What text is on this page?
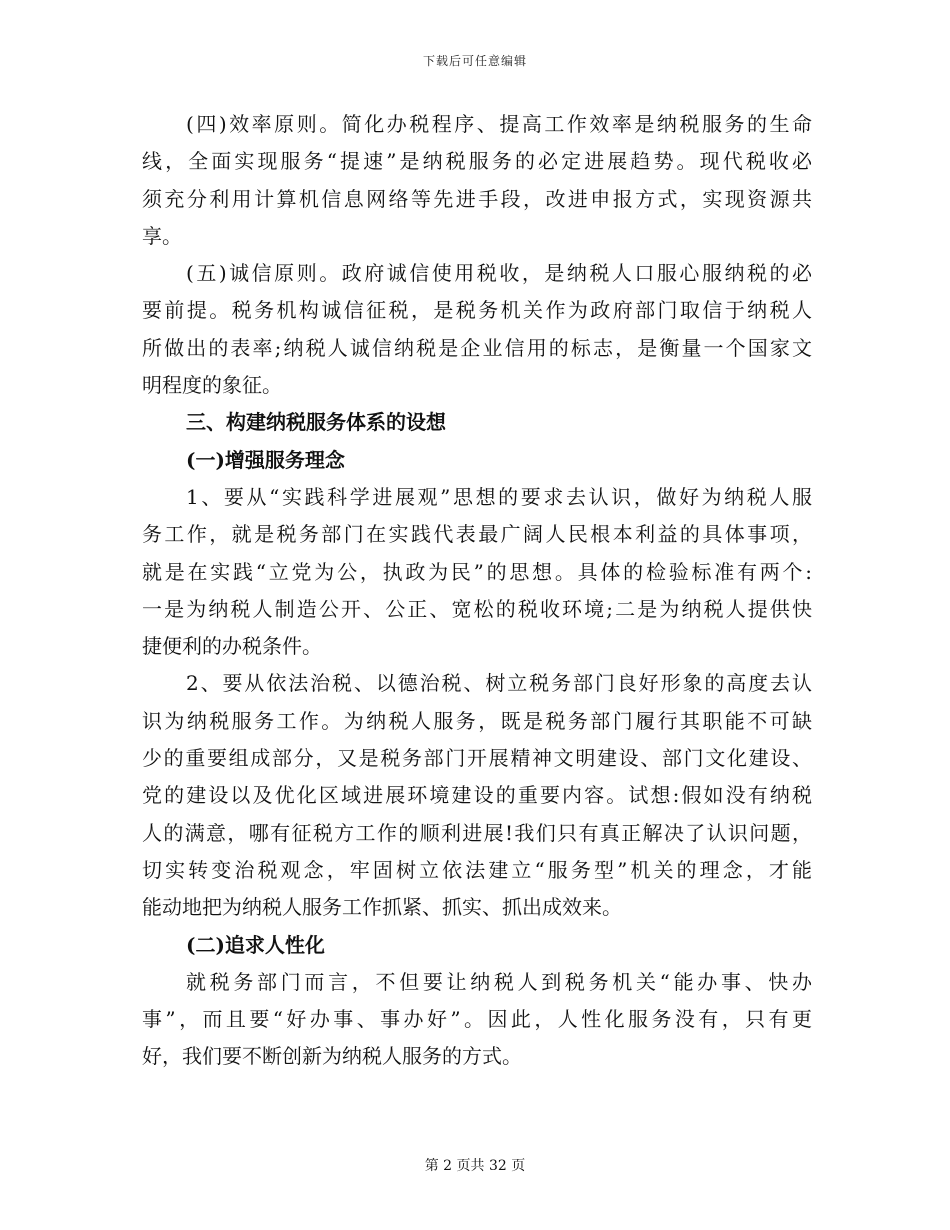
下载后可任意编辑
(四)效率原则。简化办税程序、提高工作效率是纳税服务的生命
线，全面实现服务“提速”是纳税服务的必定进展趋势。现代税收必
须充分利用计算机信息网络等先进手段，改进申报方式，实现资源共
享。
(五)诚信原则。政府诚信使用税收，是纳税人口服心服纳税的必
要前提。税务机构诚信征税，是税务机关作为政府部门取信于纳税人
所做出的表率;纳税人诚信纳税是企业信用的标志，是衡量一个国家文
明程度的象征。
三、构建纳税服务体系的设想
(一)增强服务理念
1、要从“实践科学进展观”思想的要求去认识，做好为纳税人服
务工作，就是税务部门在实践代表最广阔人民根本利益的具体事项，
就是在实践“立党为公，执政为民”的思想。具体的检验标准有两个:
一是为纳税人制造公开、公正、宽松的税收环境;二是为纳税人提供快
捷便利的办税条件。
2、要从依法治税、以德治税、树立税务部门良好形象的高度去认
识为纳税服务工作。为纳税人服务，既是税务部门履行其职能不可缺
少的重要组成部分，又是税务部门开展精神文明建设、部门文化建设、
党的建设以及优化区域进展环境建设的重要内容。试想:假如没有纳税
人的满意，哪有征税方工作的顺利进展!我们只有真正解决了认识问题，
切实转变治税观念，牢固树立依法建立“服务型”机关的理念，才能
能动地把为纳税人服务工作抓紧、抓实、抓出成效来。
(二)追求人性化
就税务部门而言，不但要让纳税人到税务机关“能办事、快办
事”，而且要“好办事、事办好”。因此，人性化服务没有，只有更
好，我们要不断创新为纳税人服务的方式。
第 2 页共 32 页
